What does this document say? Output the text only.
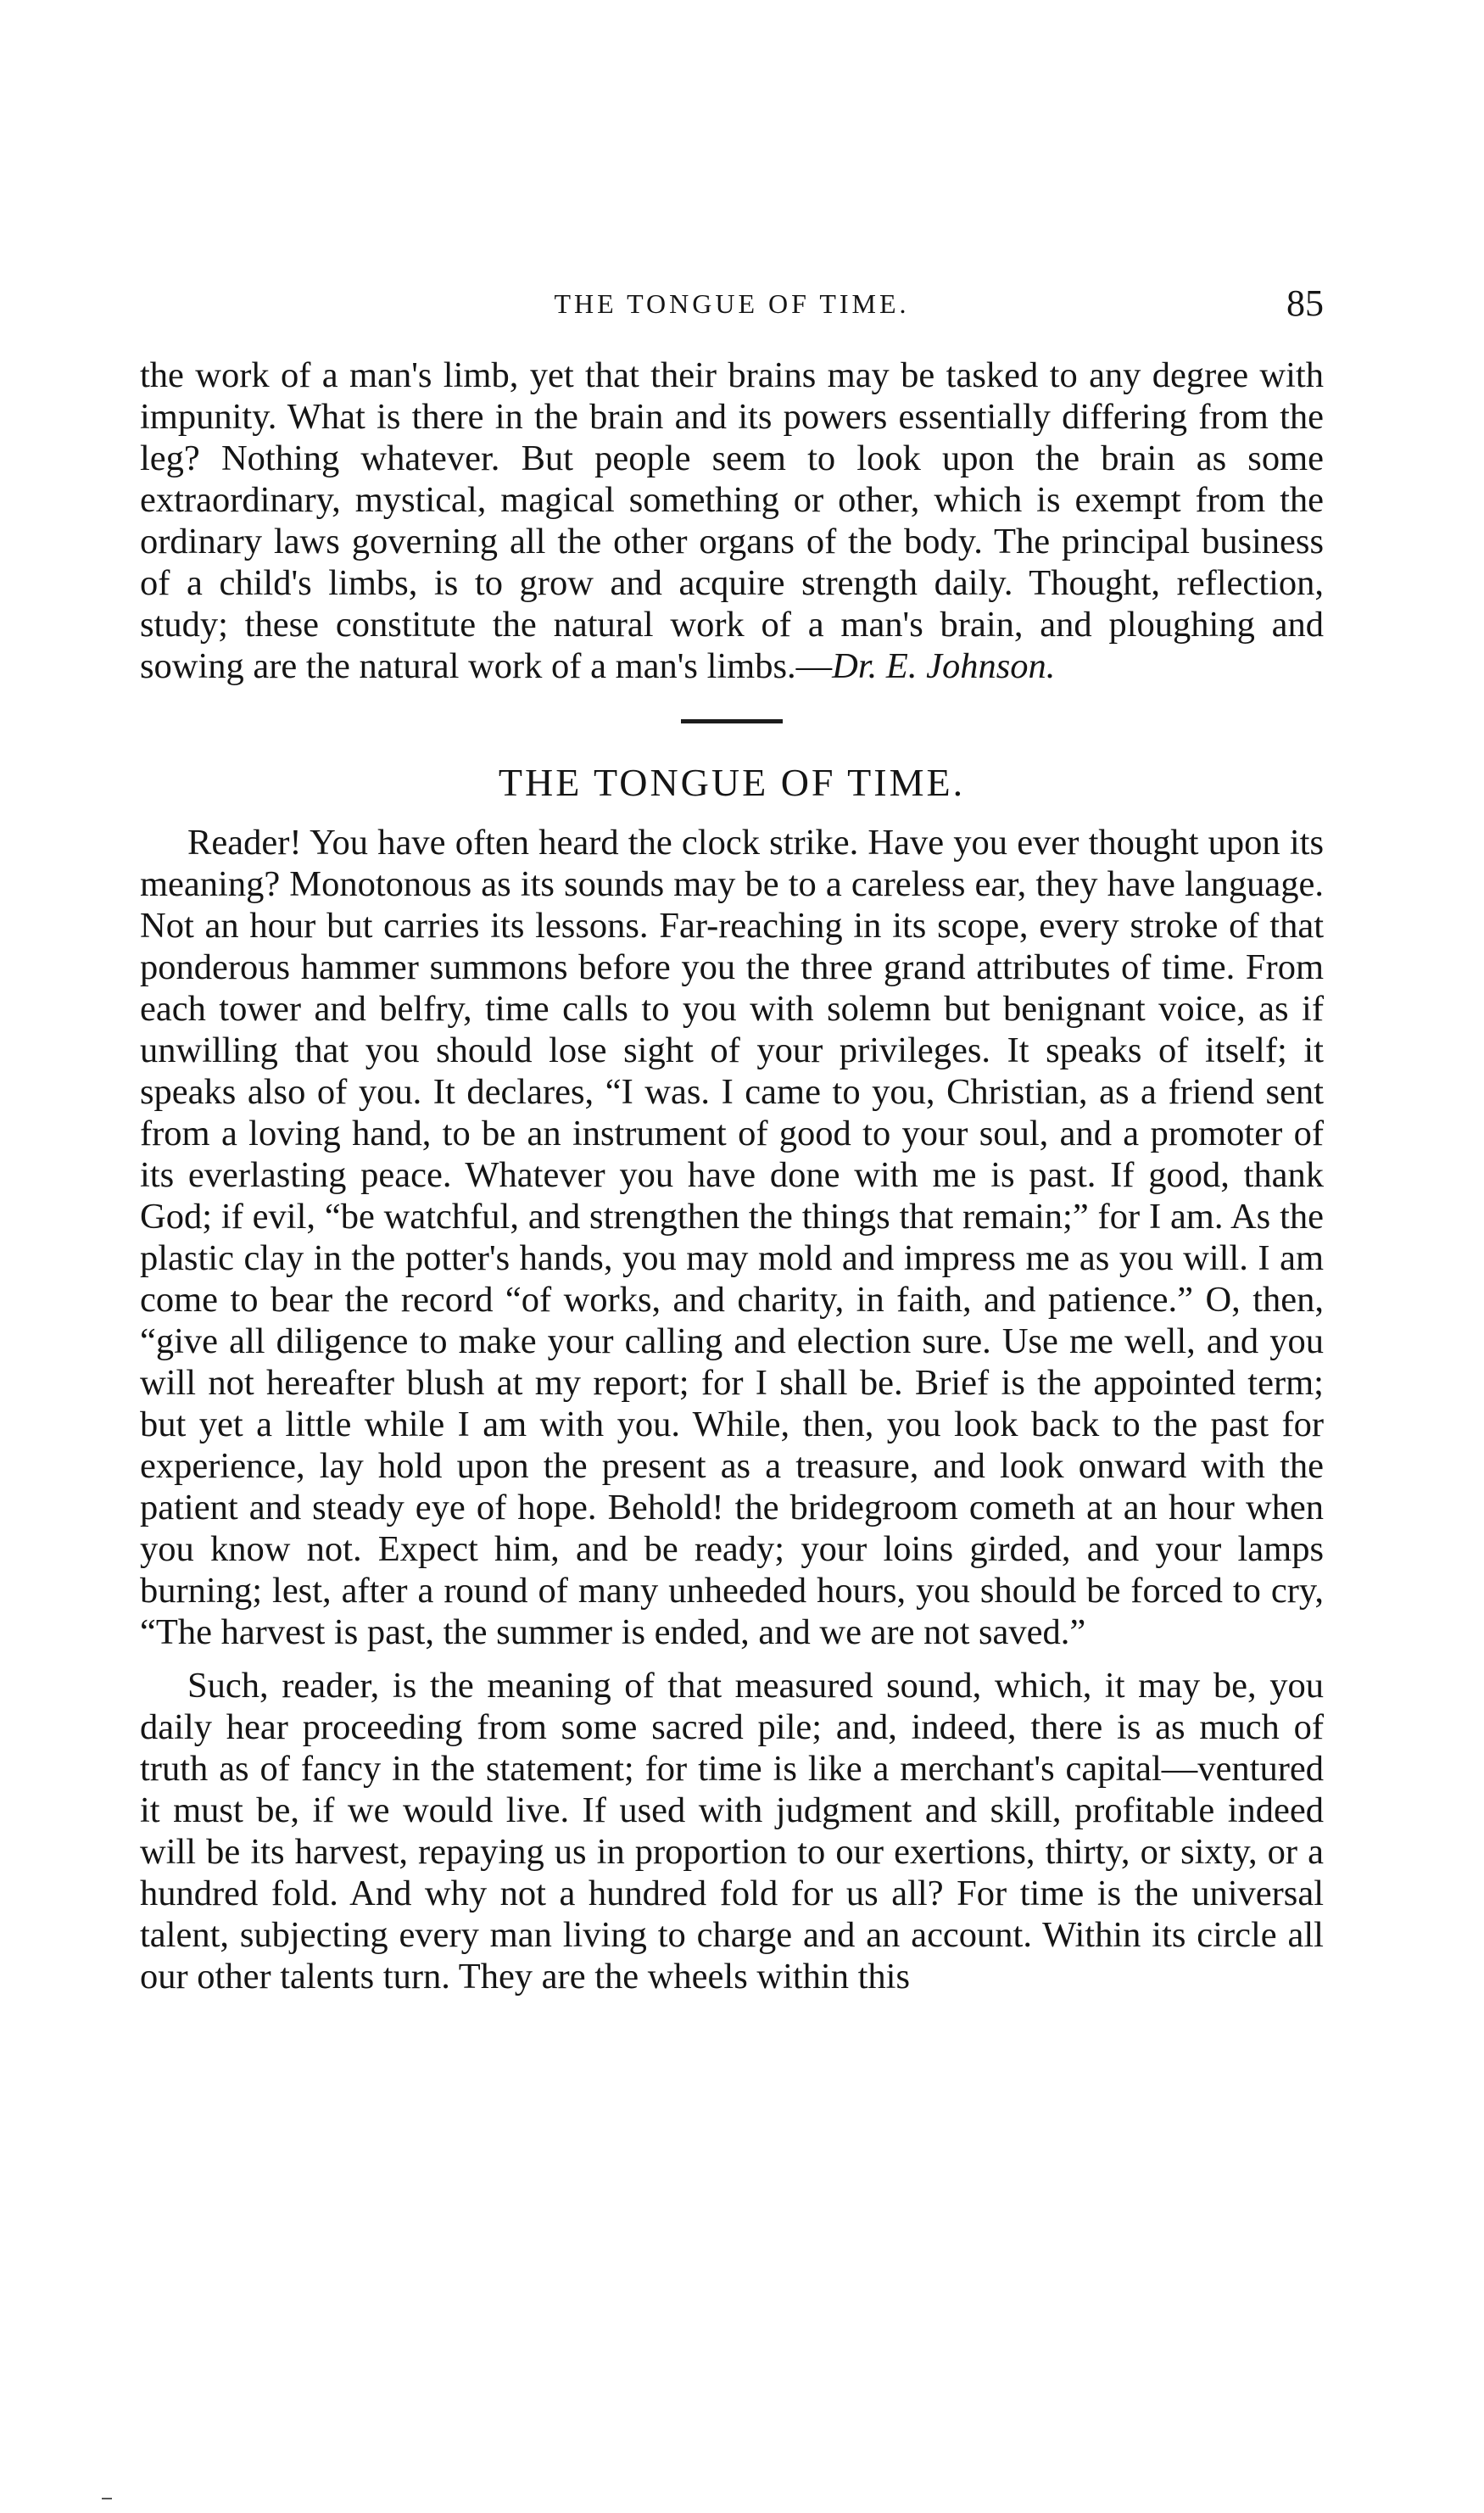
THE TONGUE OF TIME.	85

the work of a man's limb, yet that their brains may be tasked to any degree with impunity. What is there in the brain and its powers essentially differing from the leg? Nothing whatever. But people seem to look upon the brain as some extraordinary, mystical, magical something or other, which is exempt from the ordinary laws governing all the other organs of the body. The principal business of a child's limbs, is to grow and acquire strength daily. Thought, reflection, study; these constitute the natural work of a man's brain, and ploughing and sowing are the natural work of a man's limbs.—Dr. E. Johnson.

THE TONGUE OF TIME.

Reader! You have often heard the clock strike. Have you ever thought upon its meaning? Monotonous as its sounds may be to a careless ear, they have language. Not an hour but carries its lessons. Far-reaching in its scope, every stroke of that ponderous hammer summons before you the three grand attributes of time. From each tower and belfry, time calls to you with solemn but benignant voice, as if unwilling that you should lose sight of your privileges. It speaks of itself; it speaks also of you. It declares, “I was. I came to you, Christian, as a friend sent from a loving hand, to be an instrument of good to your soul, and a promoter of its everlasting peace. Whatever you have done with me is past. If good, thank God; if evil, “be watchful, and strengthen the things that remain;” for I am. As the plastic clay in the potter's hands, you may mold and impress me as you will. I am come to bear the record “of works, and charity, in faith, and patience.” O, then, “give all diligence to make your calling and election sure. Use me well, and you will not hereafter blush at my report; for I shall be. Brief is the appointed term; but yet a little while I am with you. While, then, you look back to the past for experience, lay hold upon the present as a treasure, and look onward with the patient and steady eye of hope. Behold! the bridegroom cometh at an hour when you know not. Expect him, and be ready; your loins girded, and your lamps burning; lest, after a round of many unheeded hours, you should be forced to cry, “The harvest is past, the summer is ended, and we are not saved.”

Such, reader, is the meaning of that measured sound, which, it may be, you daily hear proceeding from some sacred pile; and, indeed, there is as much of truth as of fancy in the statement; for time is like a merchant's capital—ventured it must be, if we would live. If used with judgment and skill, profitable indeed will be its harvest, repaying us in proportion to our exertions, thirty, or sixty, or a hundred fold. And why not a hundred fold for us all? For time is the universal talent, subjecting every man living to charge and an account. Within its circle all our other talents turn. They are the wheels within this
